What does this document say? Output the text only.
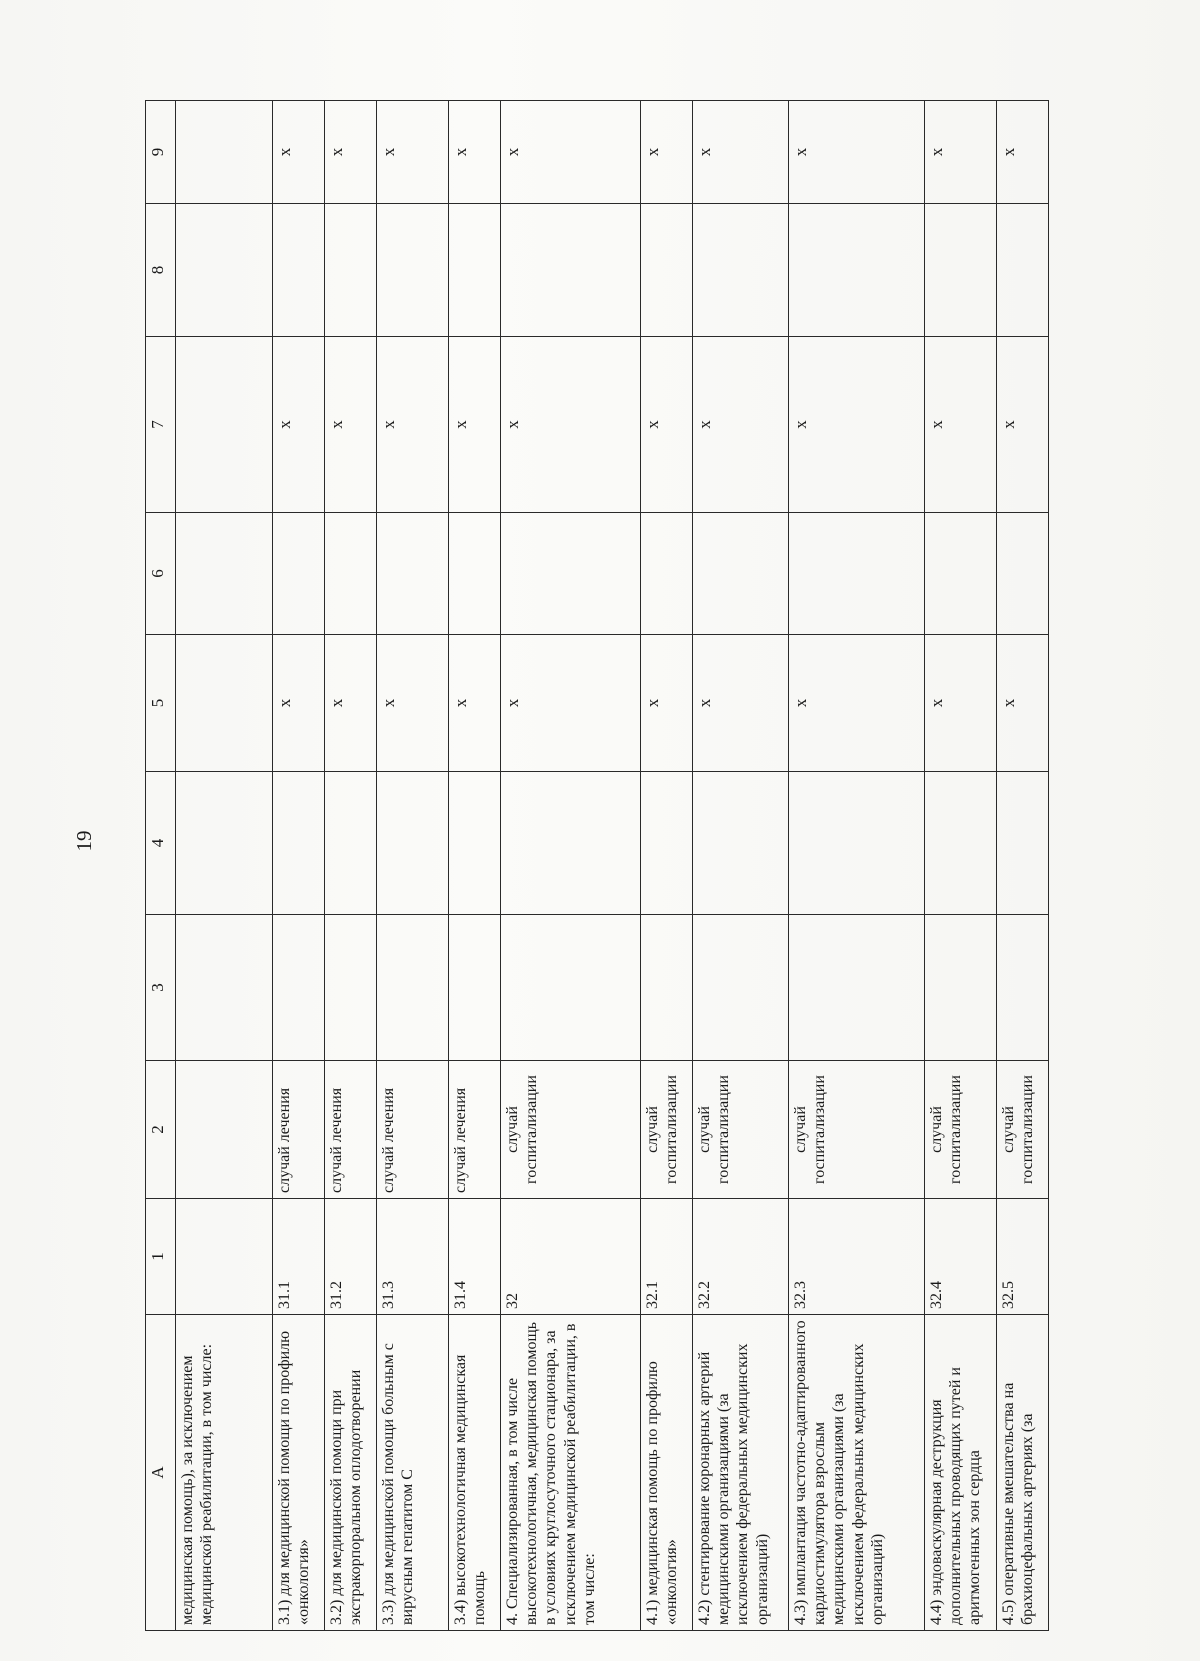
19
А	1	2	3	4	5	6	7	8	9
медицинская помощь), за исключением медицинской реабилитации, в том числе:									
3.1) для медицинской помощи по профилю «онкология»	31.1	случай лечения			х		х		х
3.2) для медицинской помощи при экстракорпоральном оплодотворении	31.2	случай лечения			х		х		х
3.3) для медицинской помощи больным с вирусным гепатитом С	31.3	случай лечения			х		х		х
3.4) высокотехнологичная медицинская помощь	31.4	случай лечения			х		х		х
4. Специализированная, в том числе высокотехнологичная, медицинская помощь в условиях круглосуточного стационара, за исключением медицинской реабилитации, в том числе:	32	случай госпитализации			х		х		х
4.1) медицинская помощь по профилю «онкология»	32.1	случай госпитализации			х		х		х
4.2) стентирование коронарных артерий медицинскими организациями (за исключением федеральных медицинских организаций)	32.2	случай госпитализации			х		х		х
4.3) имплантация частотно-адаптированного кардиостимулятора взрослым медицинскими организациями (за исключением федеральных медицинских организаций)	32.3	случай госпитализации			х		х		х
4.4) эндоваскулярная деструкция дополнительных проводящих путей и аритмогенных зон сердца	32.4	случай госпитализации			х		х		х
4.5) оперативные вмешательства на брахиоцефальных артериях (за	32.5	случай госпитализации			х		х		х
